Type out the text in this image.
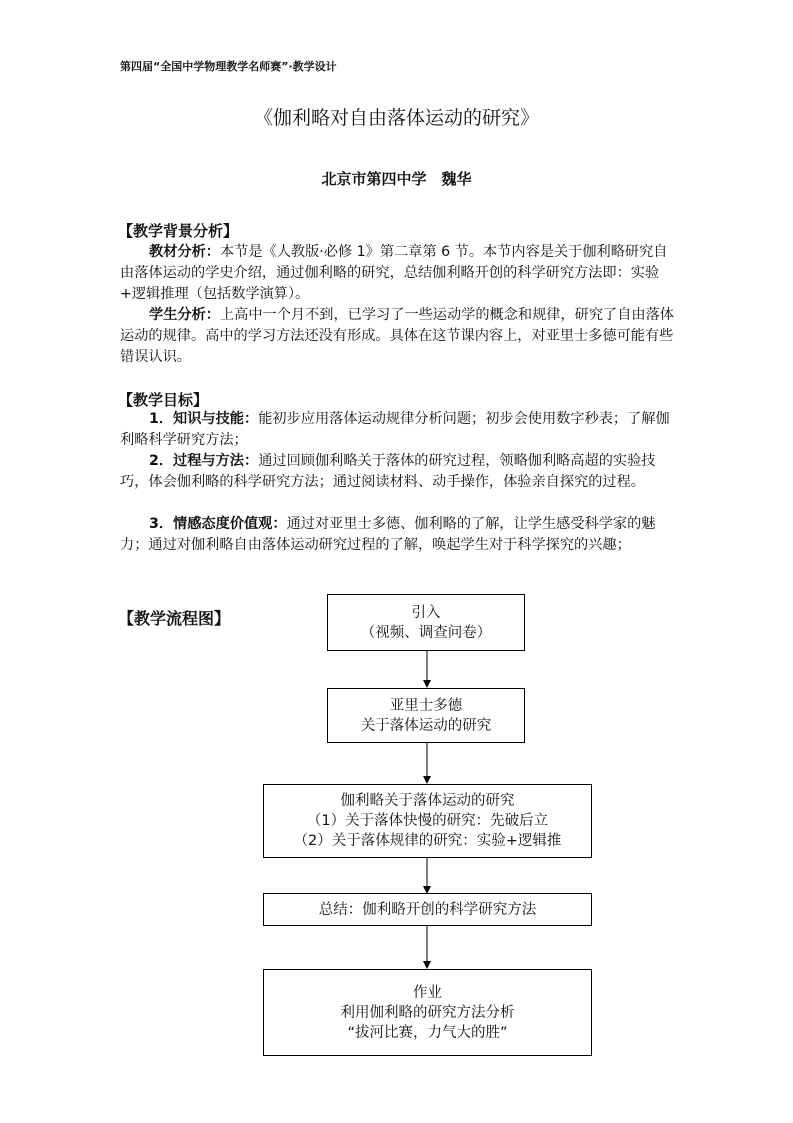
第四届“全国中学物理教学名师赛”·教学设计
《伽利略对自由落体运动的研究》
北京市第四中学　魏华
【教学背景分析】

教材分析：本节是《人教版·必修 1》第二章第 6 节。本节内容是关于伽利略研究自由落体运动的学史介绍，通过伽利略的研究，总结伽利略开创的科学研究方法即：实验+逻辑推理（包括数学演算）。

学生分析：上高中一个月不到，已学习了一些运动学的概念和规律，研究了自由落体运动的规律。高中的学习方法还没有形成。具体在这节课内容上，对亚里士多德可能有些错误认识。

【教学目标】

1．知识与技能：能初步应用落体运动规律分析问题；初步会使用数字秒表；了解伽利略科学研究方法；

2．过程与方法：通过回顾伽利略关于落体的研究过程，领略伽利略高超的实验技巧，体会伽利略的科学研究方法；通过阅读材料、动手操作，体验亲自探究的过程。

3．情感态度价值观：通过对亚里士多德、伽利略的了解，让学生感受科学家的魅力；通过对伽利略自由落体运动研究过程的了解，唤起学生对于科学探究的兴趣；

【教学流程图】	引入
（视频、调查问卷）
亚里士多德
关于落体运动的研究
伽利略关于落体运动的研究
（1）关于落体快慢的研究：先破后立
（2）关于落体规律的研究：实验+逻辑推
总结：伽利略开创的科学研究方法
作业
利用伽利略的研究方法分析
“拔河比赛，力气大的胜”
